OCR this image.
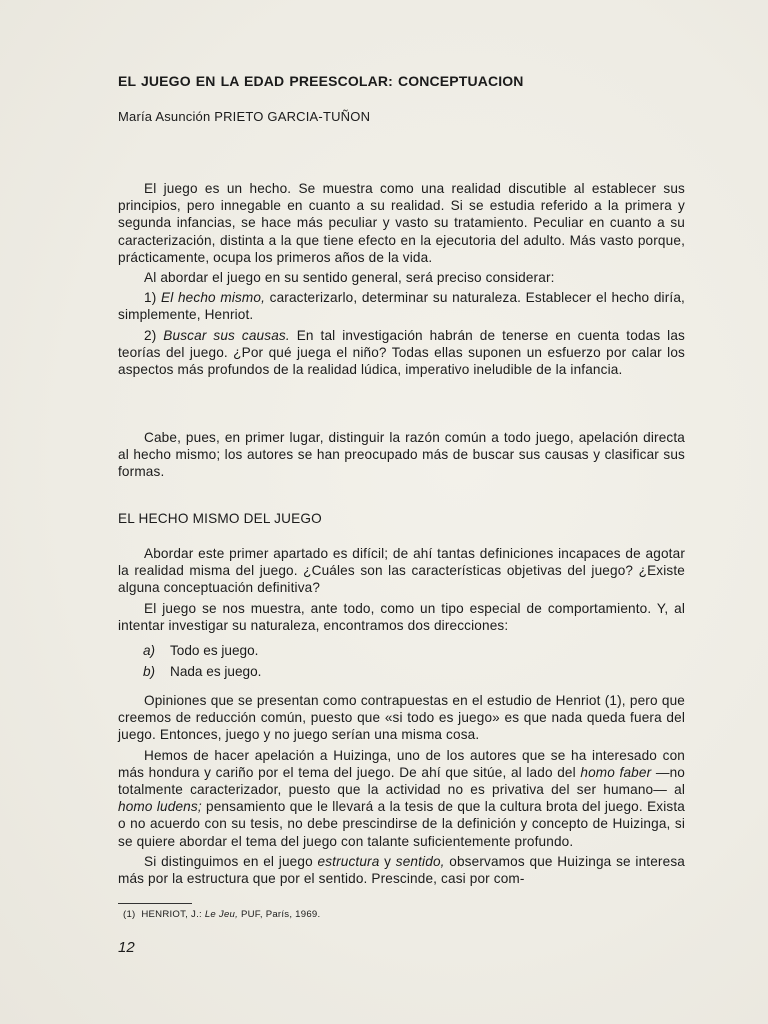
EL JUEGO EN LA EDAD PREESCOLAR: CONCEPTUACION
María Asunción PRIETO GARCIA-TUÑON

El juego es un hecho. Se muestra como una realidad discutible al establecer sus principios, pero innegable en cuanto a su realidad. Si se estudia referido a la primera y segunda infancias, se hace más peculiar y vasto su tratamiento. Peculiar en cuanto a su caracterización, distinta a la que tiene efecto en la ejecutoria del adulto. Más vasto porque, prácticamente, ocupa los primeros años de la vida.

Al abordar el juego en su sentido general, será preciso considerar:

1) El hecho mismo, caracterizarlo, determinar su naturaleza. Establecer el hecho diría, simplemente, Henriot.

2) Buscar sus causas. En tal investigación habrán de tenerse en cuenta todas las teorías del juego. ¿Por qué juega el niño? Todas ellas suponen un esfuerzo por calar los aspectos más profundos de la realidad lúdica, imperativo ineludible de la infancia.

Cabe, pues, en primer lugar, distinguir la razón común a todo juego, apelación directa al hecho mismo; los autores se han preocupado más de buscar sus causas y clasificar sus formas.

EL HECHO MISMO DEL JUEGO

Abordar este primer apartado es difícil; de ahí tantas definiciones incapaces de agotar la realidad misma del juego. ¿Cuáles son las características objetivas del juego? ¿Existe alguna conceptuación definitiva?

El juego se nos muestra, ante todo, como un tipo especial de comportamiento. Y, al intentar investigar su naturaleza, encontramos dos direcciones:

a) Todo es juego.
b) Nada es juego.

Opiniones que se presentan como contrapuestas en el estudio de Henriot (1), pero que creemos de reducción común, puesto que «si todo es juego» es que nada queda fuera del juego. Entonces, juego y no juego serían una misma cosa.

Hemos de hacer apelación a Huizinga, uno de los autores que se ha interesado con más hondura y cariño por el tema del juego. De ahí que sitúe, al lado del homo faber —no totalmente caracterizador, puesto que la actividad no es privativa del ser humano— al homo ludens; pensamiento que le llevará a la tesis de que la cultura brota del juego. Exista o no acuerdo con su tesis, no debe prescindirse de la definición y concepto de Huizinga, si se quiere abordar el tema del juego con talante suficientemente profundo.

Si distinguimos en el juego estructura y sentido, observamos que Huizinga se interesa más por la estructura que por el sentido. Prescinde, casi por com-

(1) HENRIOT, J.: Le Jeu, PUF, París, 1969.
12
